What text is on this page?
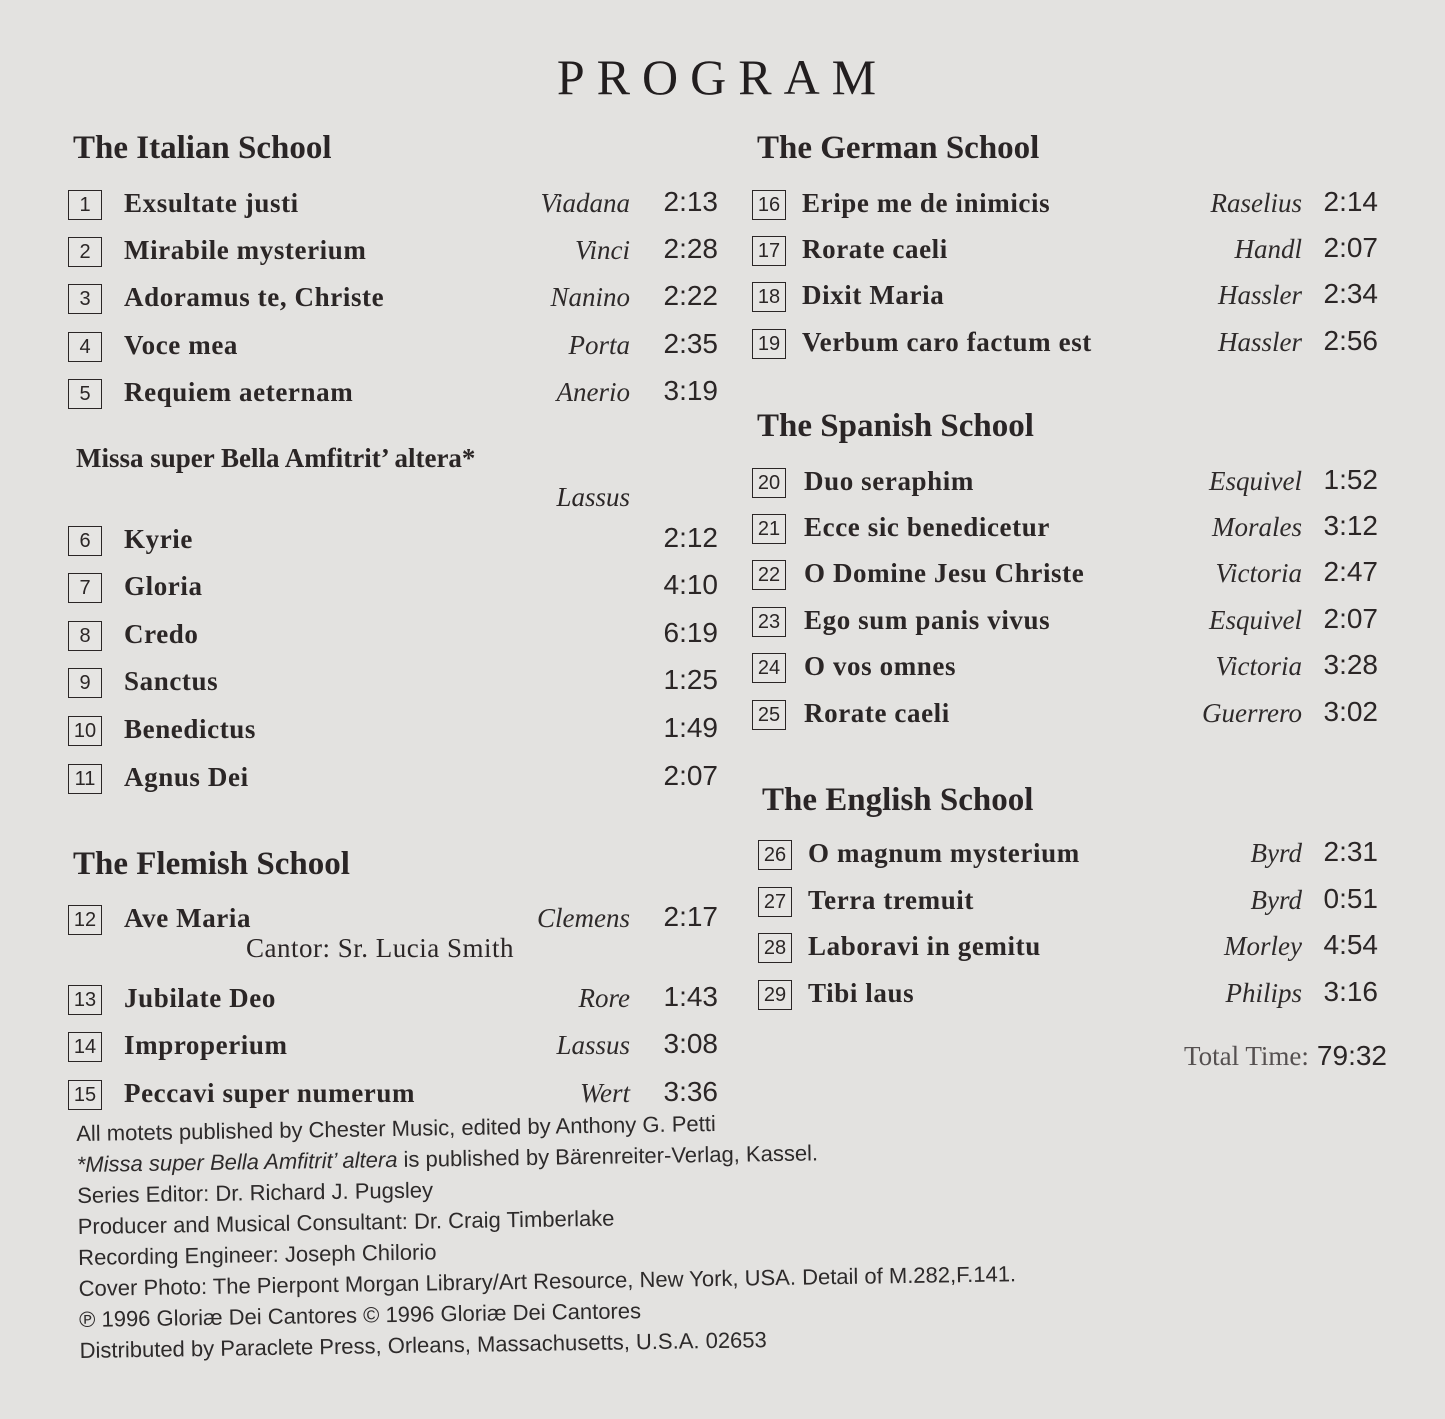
PROGRAM
The Italian School
1	Exsultate justi	Viadana 2:13
2	Mirabile mysterium	Vinci 2:28
3	Adoramus te, Christe	Nanino 2:22
4	Voce mea	Porta 2:35
5	Requiem aeternam	Anerio 3:19
Missa super Bella Amfitrit’ altera*
Lassus
6	Kyrie	2:12
7	Gloria	4:10
8	Credo	6:19
9	Sanctus	1:25
10 Benedictus	1:49
11 Agnus Dei	2:07
The Flemish School
12 Ave Maria	Clemens 2:17
Cantor: Sr. Lucia Smith
13 Jubilate Deo	Rore 1:43
14 Improperium	Lassus 3:08
15 Peccavi super numerum	Wert 3:36
The German School
16 Eripe me de inimicis	Raselius 2:14
17 Rorate caeli	Handl 2:07
18 Dixit Maria	Hassler 2:34
19 Verbum caro factum est	Hassler 2:56
The Spanish School
20 Duo seraphim	Esquivel 1:52
21 Ecce sic benedicetur	Morales 3:12
22 O Domine Jesu Christe	Victoria 2:47
23 Ego sum panis vivus	Esquivel 2:07
24 O vos omnes	Victoria 3:28
25 Rorate caeli	Guerrero 3:02
The English School
26 O magnum mysterium	Byrd 2:31
27 Terra tremuit	Byrd 0:51
28 Laboravi in gemitu	Morley 4:54
29 Tibi laus	Philips 3:16
Total Time: 79:32
All motets published by Chester Music, edited by Anthony G. Petti
*Missa super Bella Amfitrit’ altera is published by Bärenreiter-Verlag, Kassel.
Series Editor: Dr. Richard J. Pugsley
Producer and Musical Consultant: Dr. Craig Timberlake
Recording Engineer: Joseph Chilorio
Cover Photo: The Pierpont Morgan Library/Art Resource, New York, USA. Detail of M.282,F.141.
℗ 1996 Gloriæ Dei Cantores © 1996 Gloriæ Dei Cantores
Distributed by Paraclete Press, Orleans, Massachusetts, U.S.A. 02653
